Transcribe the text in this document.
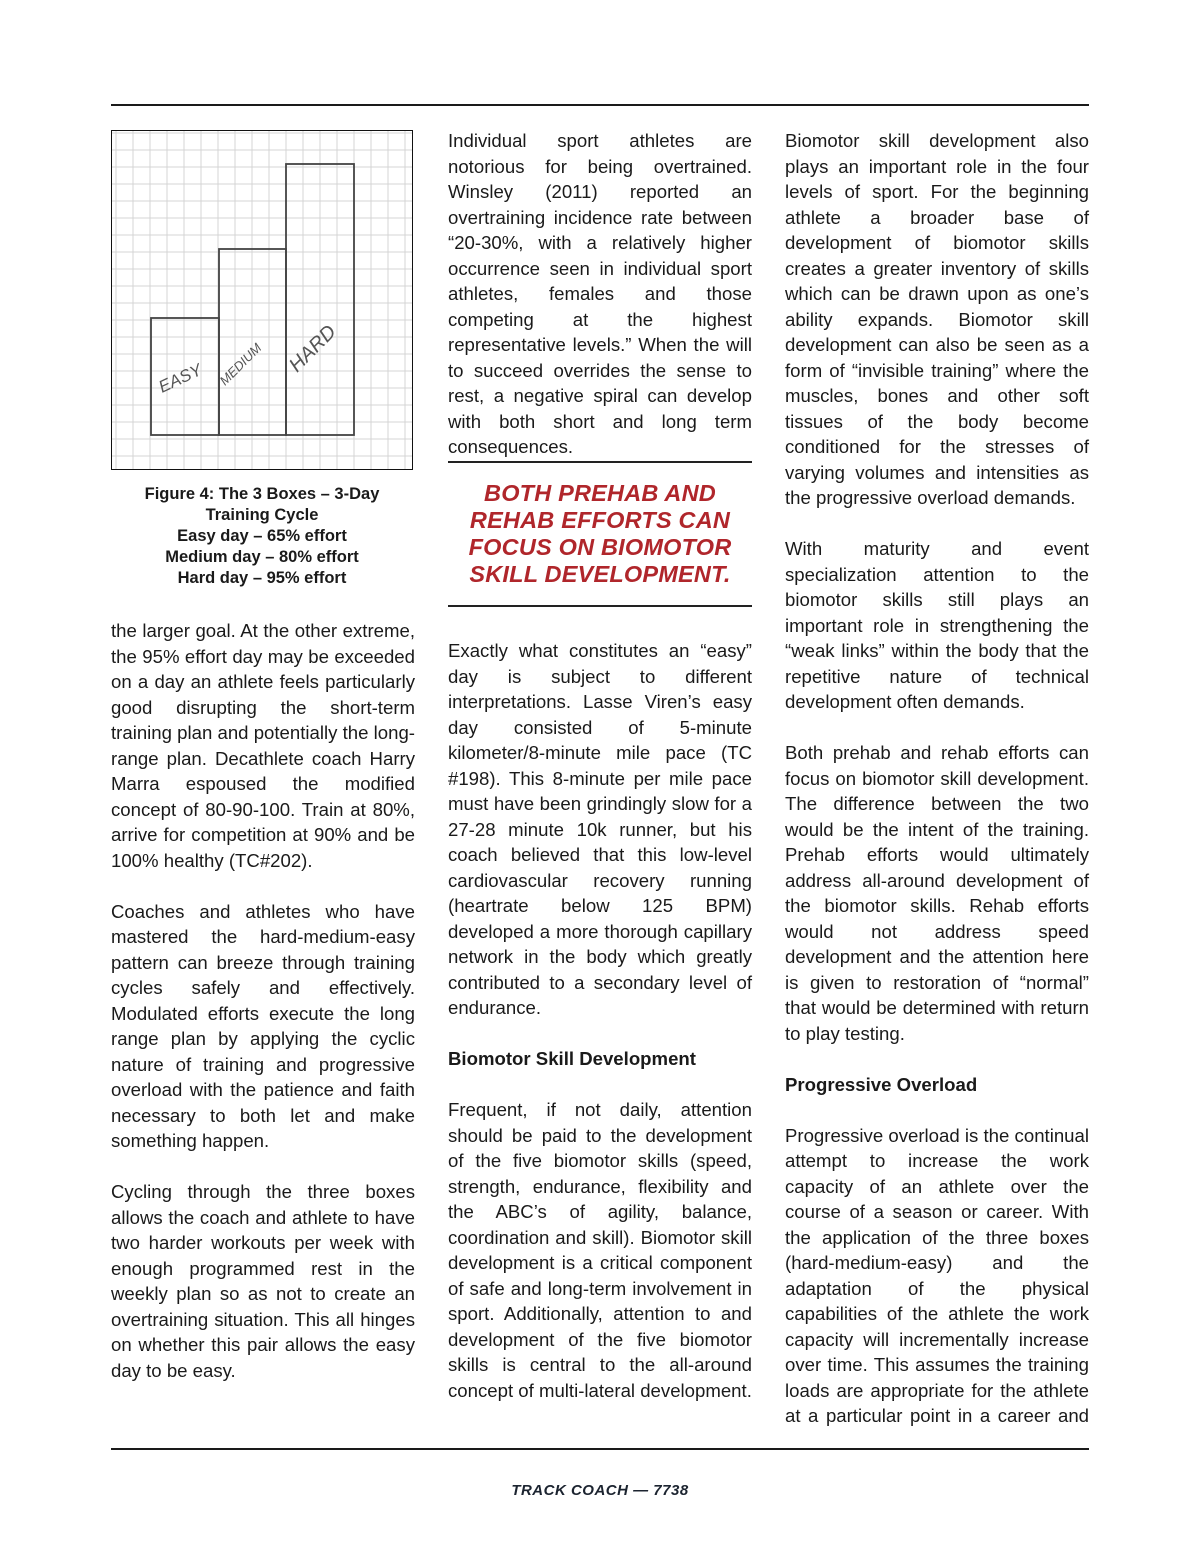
EASY MEDIUM HARD
Figure 4: The 3 Boxes – 3-Day
Training Cycle
Easy day – 65% effort
Medium day – 80% effort
Hard day – 95% effort

the larger goal. At the other extreme, the 95% effort day may be exceeded on a day an athlete feels particularly good disrupting the short-term training plan and potentially the long-range plan. Decathlete coach Harry Marra espoused the modified concept of 80-90-100. Train at 80%, arrive for competition at 90% and be 100% healthy (TC#202).

Coaches and athletes who have mastered the hard-medium-easy pattern can breeze through training cycles safely and effectively. Modulated efforts execute the long range plan by applying the cyclic nature of training and progressive overload with the patience and faith necessary to both let and make something happen.

Cycling through the three boxes allows the coach and athlete to have two harder workouts per week with enough programmed rest in the weekly plan so as not to create an overtraining situation. This all hinges on whether this pair allows the easy day to be easy.

Individual sport athletes are notorious for being overtrained. Winsley (2011) reported an overtraining incidence rate between “20-30%, with a relatively higher occurrence seen in individual sport athletes, females and those competing at the highest representative levels.” When the will to succeed overrides the sense to rest, a negative spiral can develop with both short and long term consequences.

BOTH PREHAB AND REHAB EFFORTS CAN FOCUS ON BIOMOTOR SKILL DEVELOPMENT.

Exactly what constitutes an “easy” day is subject to different interpretations. Lasse Viren’s easy day consisted of 5-minute kilometer/8-minute mile pace (TC #198). This 8-minute per mile pace must have been grindingly slow for a 27-28 minute 10k runner, but his coach believed that this low-level cardiovascular recovery running (heartrate below 125 BPM) developed a more thorough capillary network in the body which greatly contributed to a secondary level of endurance.

Biomotor Skill Development

Frequent, if not daily, attention should be paid to the development of the five biomotor skills (speed, strength, endurance, flexibility and the ABC’s of agility, balance, coordination and skill). Biomotor skill development is a critical component of safe and long-term involvement in sport. Additionally, attention to and development of the five biomotor skills is central to the all-around concept of multi-lateral development.

Biomotor skill development also plays an important role in the four levels of sport. For the beginning athlete a broader base of development of biomotor skills creates a greater inventory of skills which can be drawn upon as one’s ability expands. Biomotor skill development can also be seen as a form of “invisible training” where the muscles, bones and other soft tissues of the body become conditioned for the stresses of varying volumes and intensities as the progressive overload demands.

With maturity and event specialization attention to the biomotor skills still plays an important role in strengthening the “weak links” within the body that the repetitive nature of technical development often demands.

Both prehab and rehab efforts can focus on biomotor skill development. The difference between the two would be the intent of the training. Prehab efforts would ultimately address all-around development of the biomotor skills. Rehab efforts would not address speed development and the attention here is given to restoration of “normal” that would be determined with return to play testing.

Progressive Overload

Progressive overload is the continual attempt to increase the work capacity of an athlete over the course of a season or career. With the application of the three boxes (hard-medium-easy) and the adaptation of the physical capabilities of the athlete the work capacity will incrementally increase over time. This assumes the training loads are appropriate for the athlete at a particular point in a career and

TRACK COACH — 7738
